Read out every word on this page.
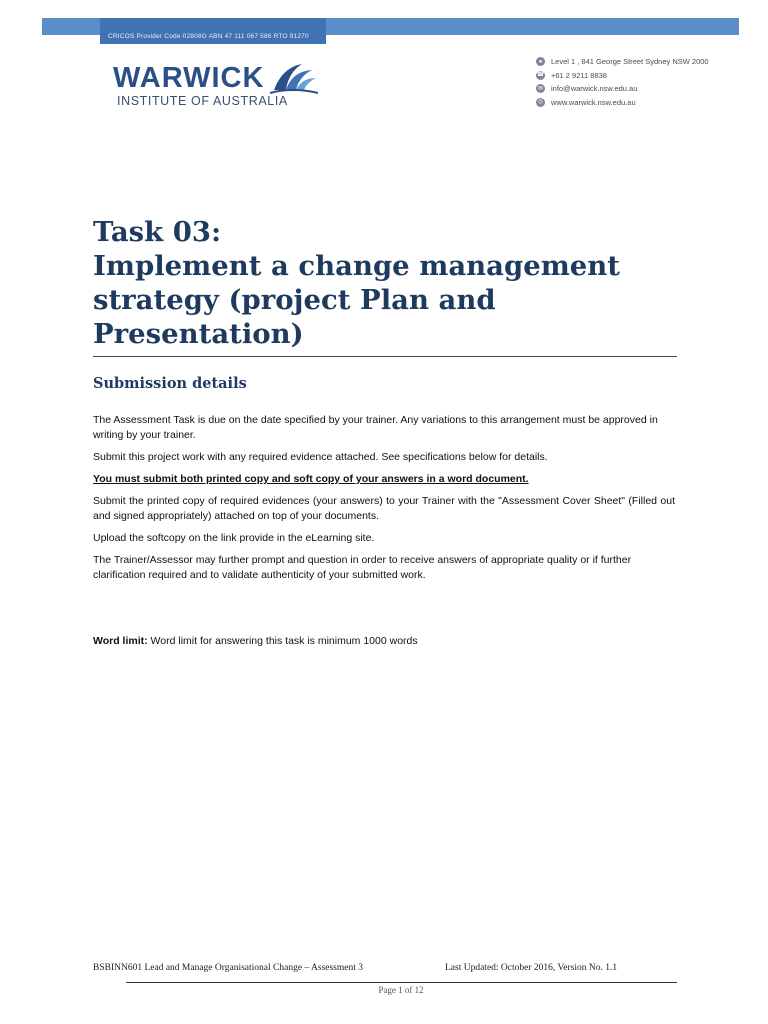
CRICOS Provider Code 02808G ABN 47 111 067 586 RTO 91270
WARWICK
INSTITUTE OF AUSTRALIA
●	Level 1 , 841 George Street Sydney NSW 2000
☎ +61 2 9211 8838
✉ info@warwick.nsw.edu.au
◎ www.warwick.nsw.edu.au
Task 03:
Implement a change management
strategy (project Plan and
Presentation)
Submission details

The Assessment Task is due on the date specified by your trainer. Any variations to this arrangement must be approved in writing by your trainer.

Submit this project work with any required evidence attached. See specifications below for details.

You must submit both printed copy and soft copy of your answers in a word document.

Submit the printed copy of required evidences (your answers) to your Trainer with the "Assessment Cover Sheet" (Filled out and signed appropriately) attached on top of your documents.

Upload the softcopy on the link provide in the eLearning site.

The Trainer/Assessor may further prompt and question in order to receive answers of appropriate quality or if further clarification required and to validate authenticity of your submitted work.

Word limit: Word limit for answering this task is minimum 1000 words
BSBINN601 Lead and Manage Organisational Change – Assessment 3	Last Updated: October 2016, Version No. 1.1
Page 1 of 12
